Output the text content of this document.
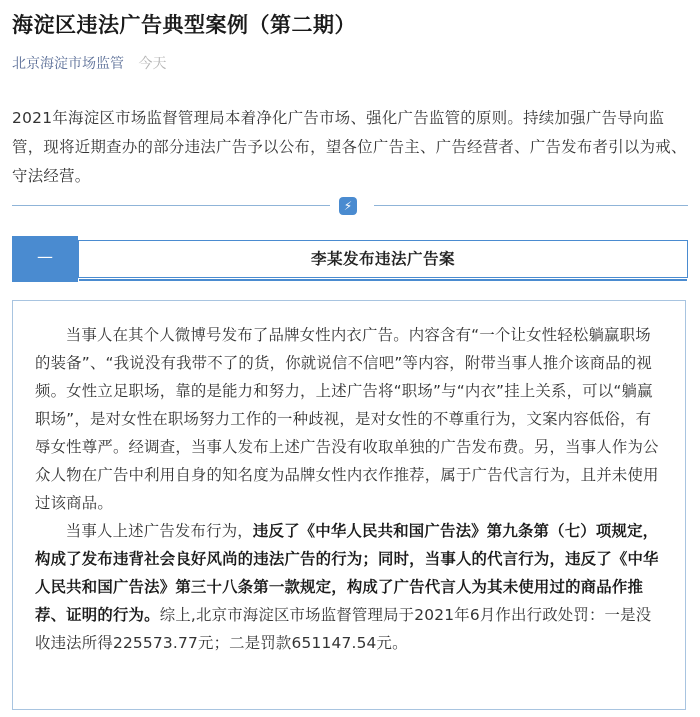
海淀区违法广告典型案例（第二期）
北京海淀市场监管 今天
2021年海淀区市场监督管理局本着净化广告市场、强化广告监管的原则。持续加强广告导向监管，现将近期查办的部分违法广告予以公布，望各位广告主、广告经营者、广告发布者引以为戒、守法经营。
⚡
—	李某发布违法广告案

当事人在其个人微博号发布了品牌女性内衣广告。内容含有“一个让女性轻松躺赢职场的装备”、“我说没有我带不了的货，你就说信不信吧”等内容，附带当事人推介该商品的视频。女性立足职场，靠的是能力和努力，上述广告将“职场”与“内衣”挂上关系，可以“躺赢职场”，是对女性在职场努力工作的一种歧视，是对女性的不尊重行为，文案内容低俗，有辱女性尊严。经调查，当事人发布上述广告没有收取单独的广告发布费。另，当事人作为公众人物在广告中利用自身的知名度为品牌女性内衣作推荐，属于广告代言行为，且并未使用过该商品。

当事人上述广告发布行为，违反了《中华人民共和国广告法》第九条第（七）项规定，构成了发布违背社会良好风尚的违法广告的行为；同时，当事人的代言行为，违反了《中华人民共和国广告法》第三十八条第一款规定，构成了广告代言人为其未使用过的商品作推荐、证明的行为。综上,北京市海淀区市场监督管理局于2021年6月作出行政处罚：一是没收违法所得225573.77元；二是罚款651147.54元。
